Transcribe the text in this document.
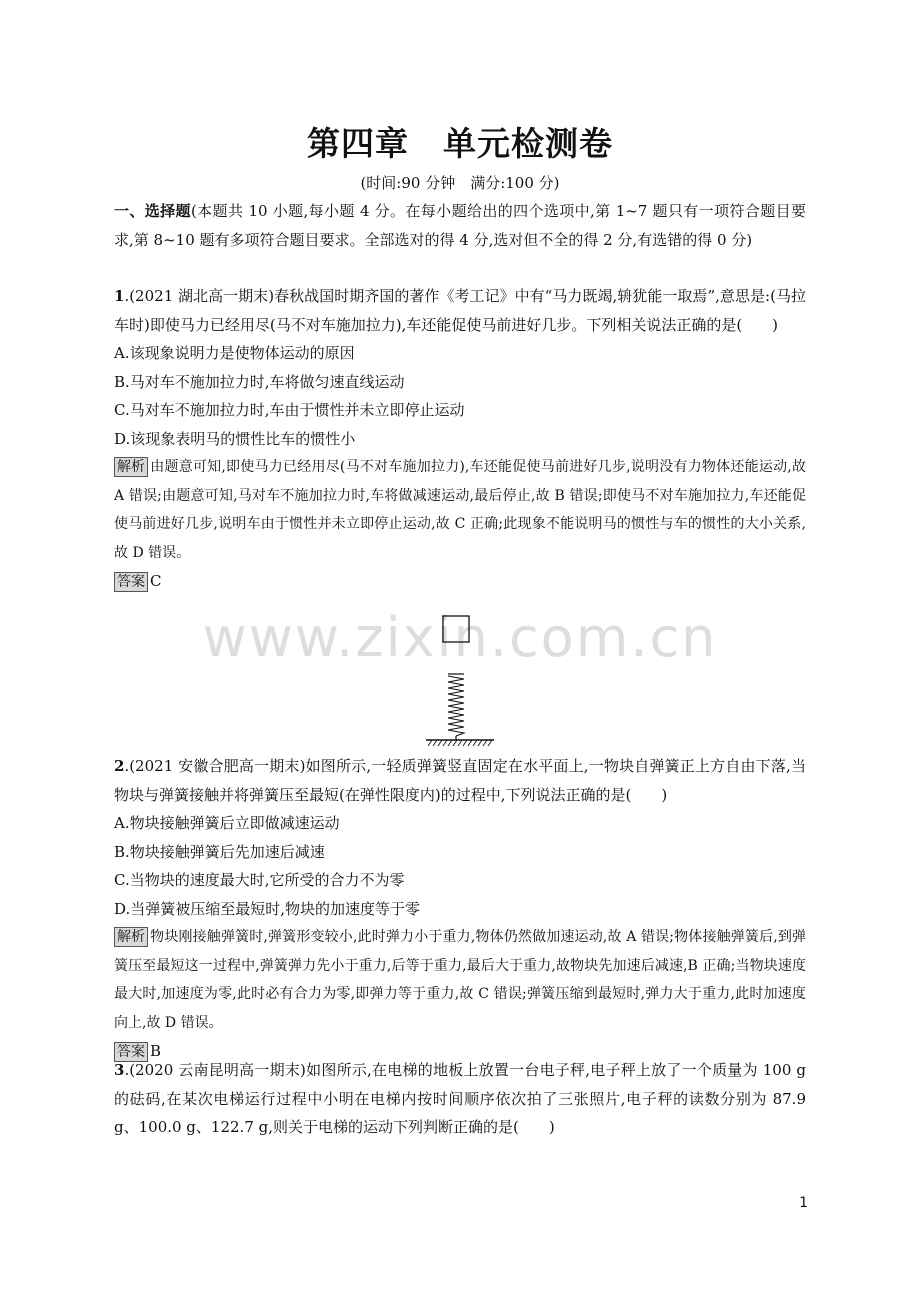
第四章　单元检测卷
(时间:90 分钟　满分:100 分)

一、选择题(本题共 10 小题,每小题 4 分。在每小题给出的四个选项中,第 1~7 题只有一项符合题目要求,第 8~10 题有多项符合题目要求。全部选对的得 4 分,选对但不全的得 2 分,有选错的得 0 分)

1.(2021 湖北高一期末)春秋战国时期齐国的著作《考工记》中有“马力既竭,辀犹能一取焉”,意思是:(马拉车时)即使马力已经用尽(马不对车施加拉力),车还能促使马前进好几步。下列相关说法正确的是(　　)

A.该现象说明力是使物体运动的原因

B.马对车不施加拉力时,车将做匀速直线运动

C.马对车不施加拉力时,车由于惯性并未立即停止运动

D.该现象表明马的惯性比车的惯性小

解析 由题意可知,即使马力已经用尽(马不对车施加拉力),车还能促使马前进好几步,说明没有力物体还能运动,故 A 错误;由题意可知,马对车不施加拉力时,车将做减速运动,最后停止,故 B 错误;即使马不对车施加拉力,车还能促使马前进好几步,说明车由于惯性并未立即停止运动,故 C 正确;此现象不能说明马的惯性与车的惯性的大小关系,故 D 错误。

答案 C

www.zixin.com.cn

2.(2021 安徽合肥高一期末)如图所示,一轻质弹簧竖直固定在水平面上,一物块自弹簧正上方自由下落,当物块与弹簧接触并将弹簧压至最短(在弹性限度内)的过程中,下列说法正确的是(　　)

A.物块接触弹簧后立即做减速运动

B.物块接触弹簧后先加速后减速

C.当物块的速度最大时,它所受的合力不为零

D.当弹簧被压缩至最短时,物块的加速度等于零

解析 物块刚接触弹簧时,弹簧形变较小,此时弹力小于重力,物体仍然做加速运动,故 A 错误;物体接触弹簧后,到弹簧压至最短这一过程中,弹簧弹力先小于重力,后等于重力,最后大于重力,故物块先加速后减速,B 正确;当物块速度最大时,加速度为零,此时必有合力为零,即弹力等于重力,故 C 错误;弹簧压缩到最短时,弹力大于重力,此时加速度向上,故 D 错误。

答案 B

3.(2020 云南昆明高一期末)如图所示,在电梯的地板上放置一台电子秤,电子秤上放了一个质量为 100 g 的砝码,在某次电梯运行过程中小明在电梯内按时间顺序依次拍了三张照片,电子秤的读数分别为 87.9 g、100.0 g、122.7 g,则关于电梯的运动下列判断正确的是(　　)

1
